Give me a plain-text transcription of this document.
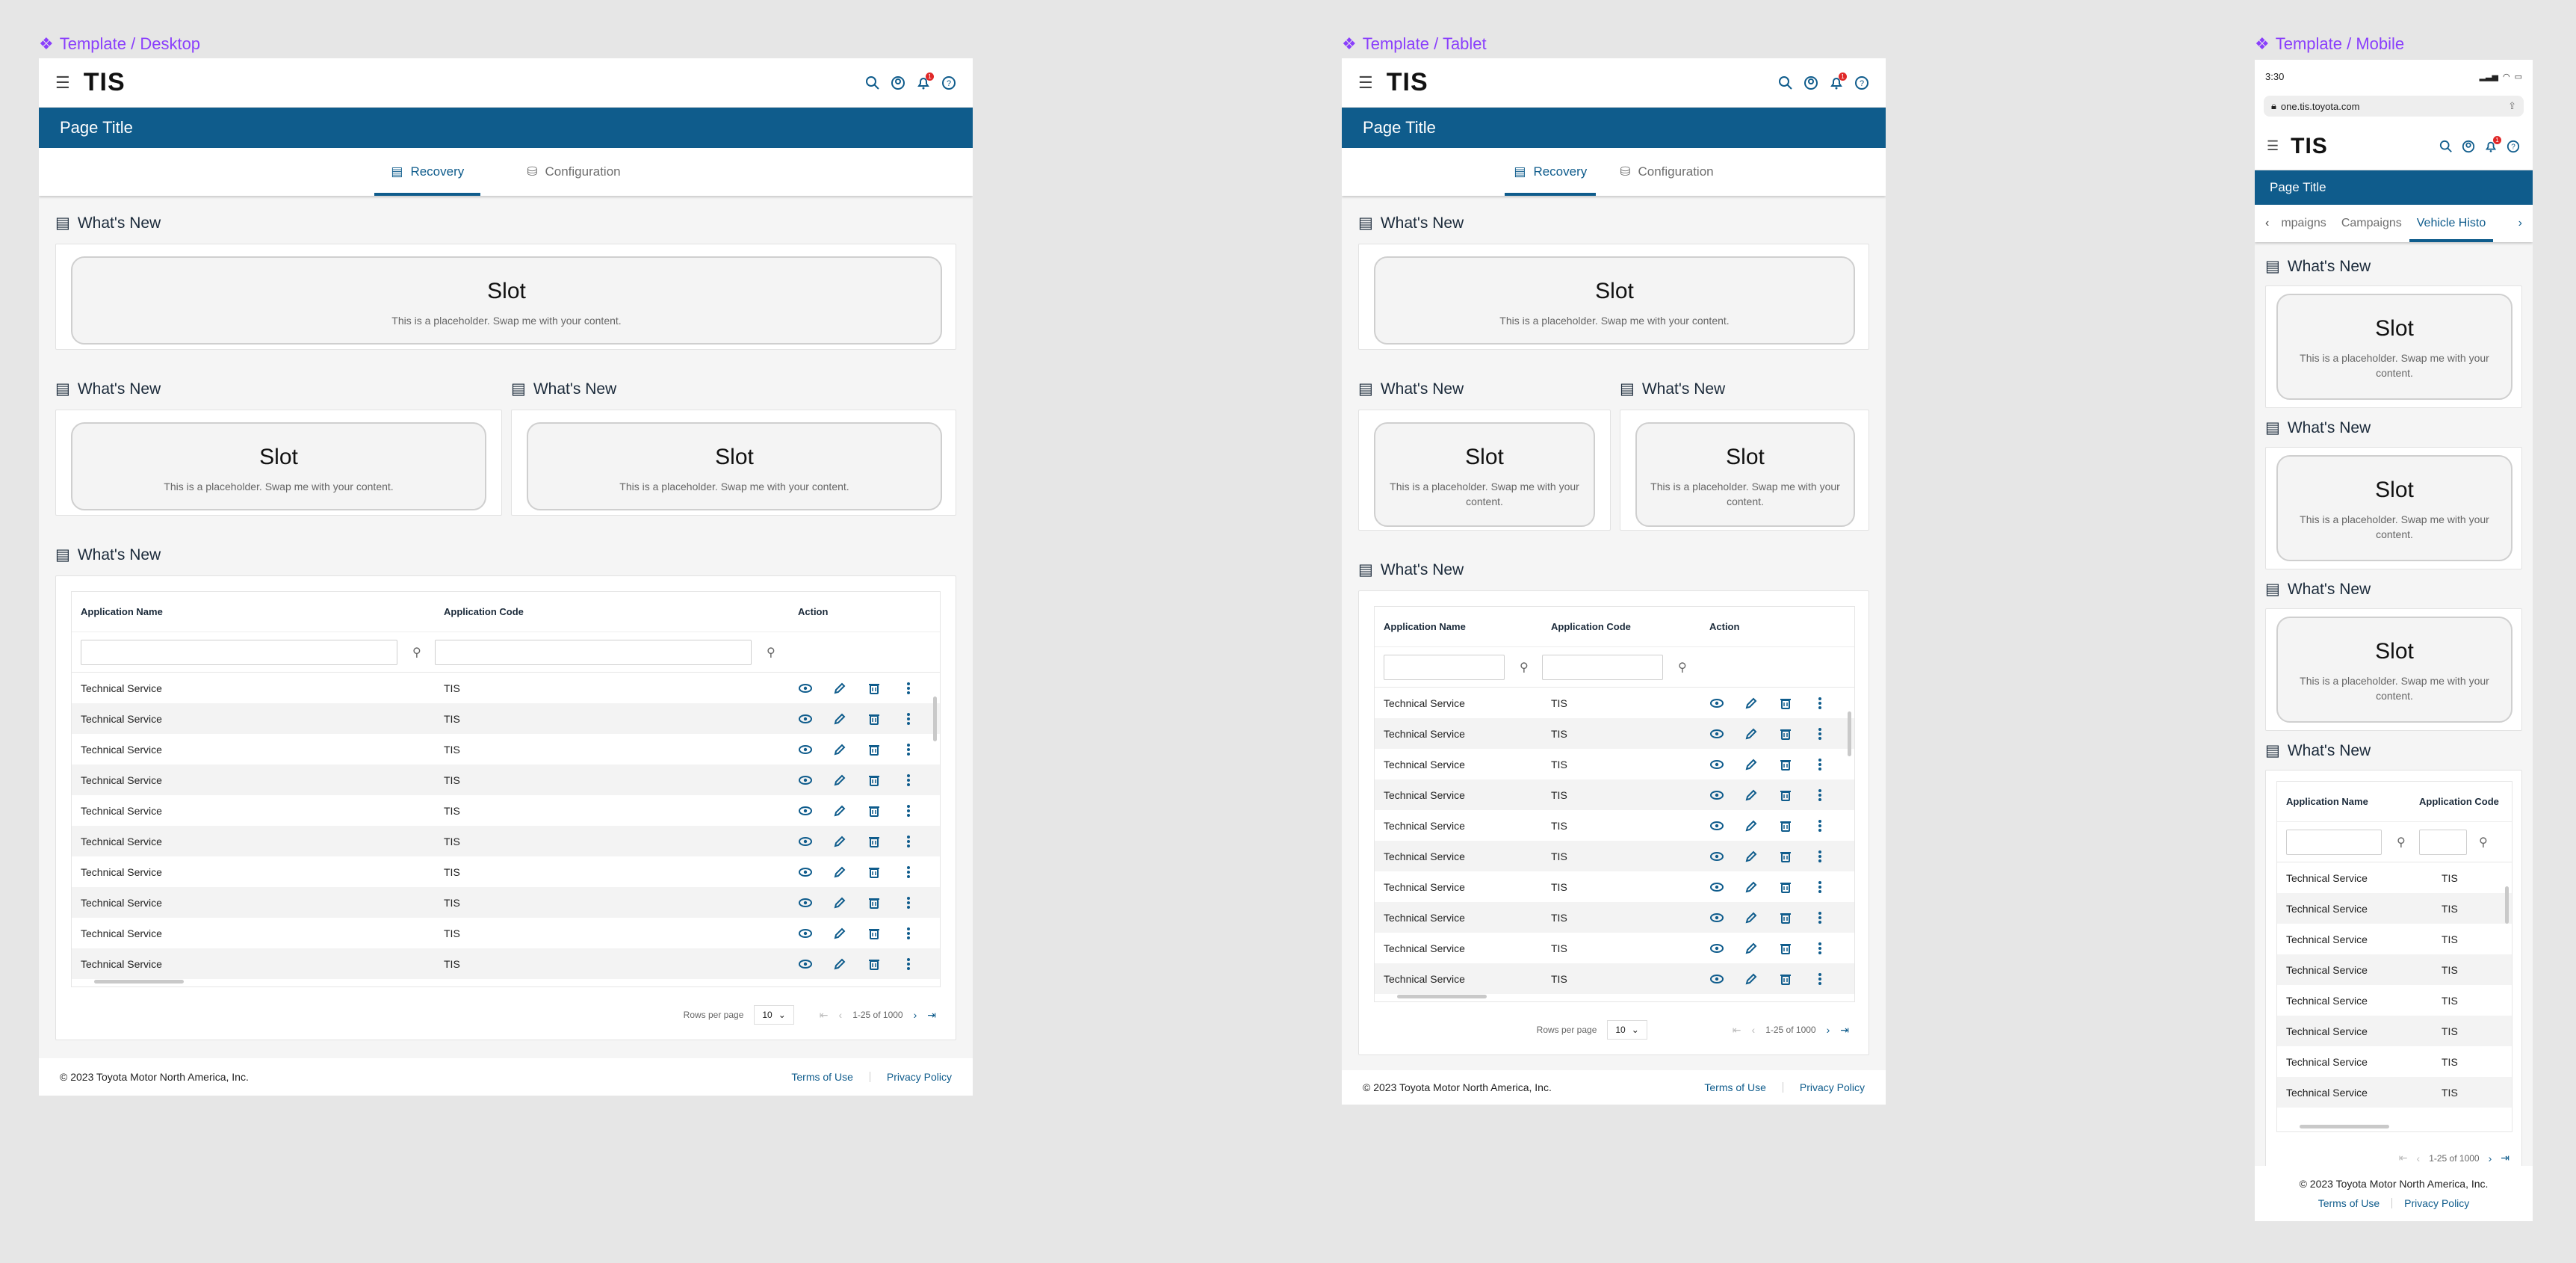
❖ Template / Desktop
☰ TIS	1
?
Page Title
▤ Recovery	⛁ Configuration
▤ What's New
Slot
This is a placeholder. Swap me with your content.
▤ What's New	▤ What's New
Slot
This is a placeholder. Swap me with your content.
Slot
This is a placeholder. Swap me with your content.
▤ What's New
Application Name	Application Code	Action
⚲	⚲
Technical Service	TIS
Technical Service	TIS
Technical Service	TIS
Technical Service	TIS
Technical Service	TIS
Technical Service	TIS
Technical Service	TIS
Technical Service	TIS
Technical Service	TIS
Technical Service	TIS
Rows per page 10 ⌄	⇤ ‹ 1-25 of 1000 › ⇥
© 2023 Toyota Motor North America, Inc.	Terms of Use	Privacy Policy
❖ Template / Tablet
☰ TIS	1
?
Page Title
▤ Recovery	⛁ Configuration
▤ What's New
Slot
This is a placeholder. Swap me with your content.
▤ What's New	▤ What's New
Slot
This is a placeholder. Swap me with your content.
Slot
This is a placeholder. Swap me with your content.
▤ What's New
Application Name	Application Code	Action
⚲	⚲
Technical Service	TIS
Technical Service	TIS
Technical Service	TIS
Technical Service	TIS
Technical Service	TIS
Technical Service	TIS
Technical Service	TIS
Technical Service	TIS
Technical Service	TIS
Technical Service	TIS
Rows per page 10 ⌄	⇤ ‹ 1-25 of 1000 › ⇥
© 2023 Toyota Motor North America, Inc.	Terms of Use	Privacy Policy
❖ Template / Mobile
3:30	▂▃▅ ◠ ▭
🔒︎ one.tis.toyota.com	⇪
☰ TIS	1
?
Page Title
‹	mpaigns Campaigns Vehicle Histo	›
▤ What's New
Slot
This is a placeholder. Swap me with your content.
▤ What's New
Slot
This is a placeholder. Swap me with your content.
▤ What's New
Slot
This is a placeholder. Swap me with your content.
▤ What's New
Application Name	Application Code
⚲	⚲
Technical Service	TIS
Technical Service	TIS
Technical Service	TIS
Technical Service	TIS
Technical Service	TIS
Technical Service	TIS
Technical Service	TIS
Technical Service	TIS
⇤ ‹ 1-25 of 1000 › ⇥
© 2023 Toyota Motor North America, Inc.
Terms of Use Privacy Policy
